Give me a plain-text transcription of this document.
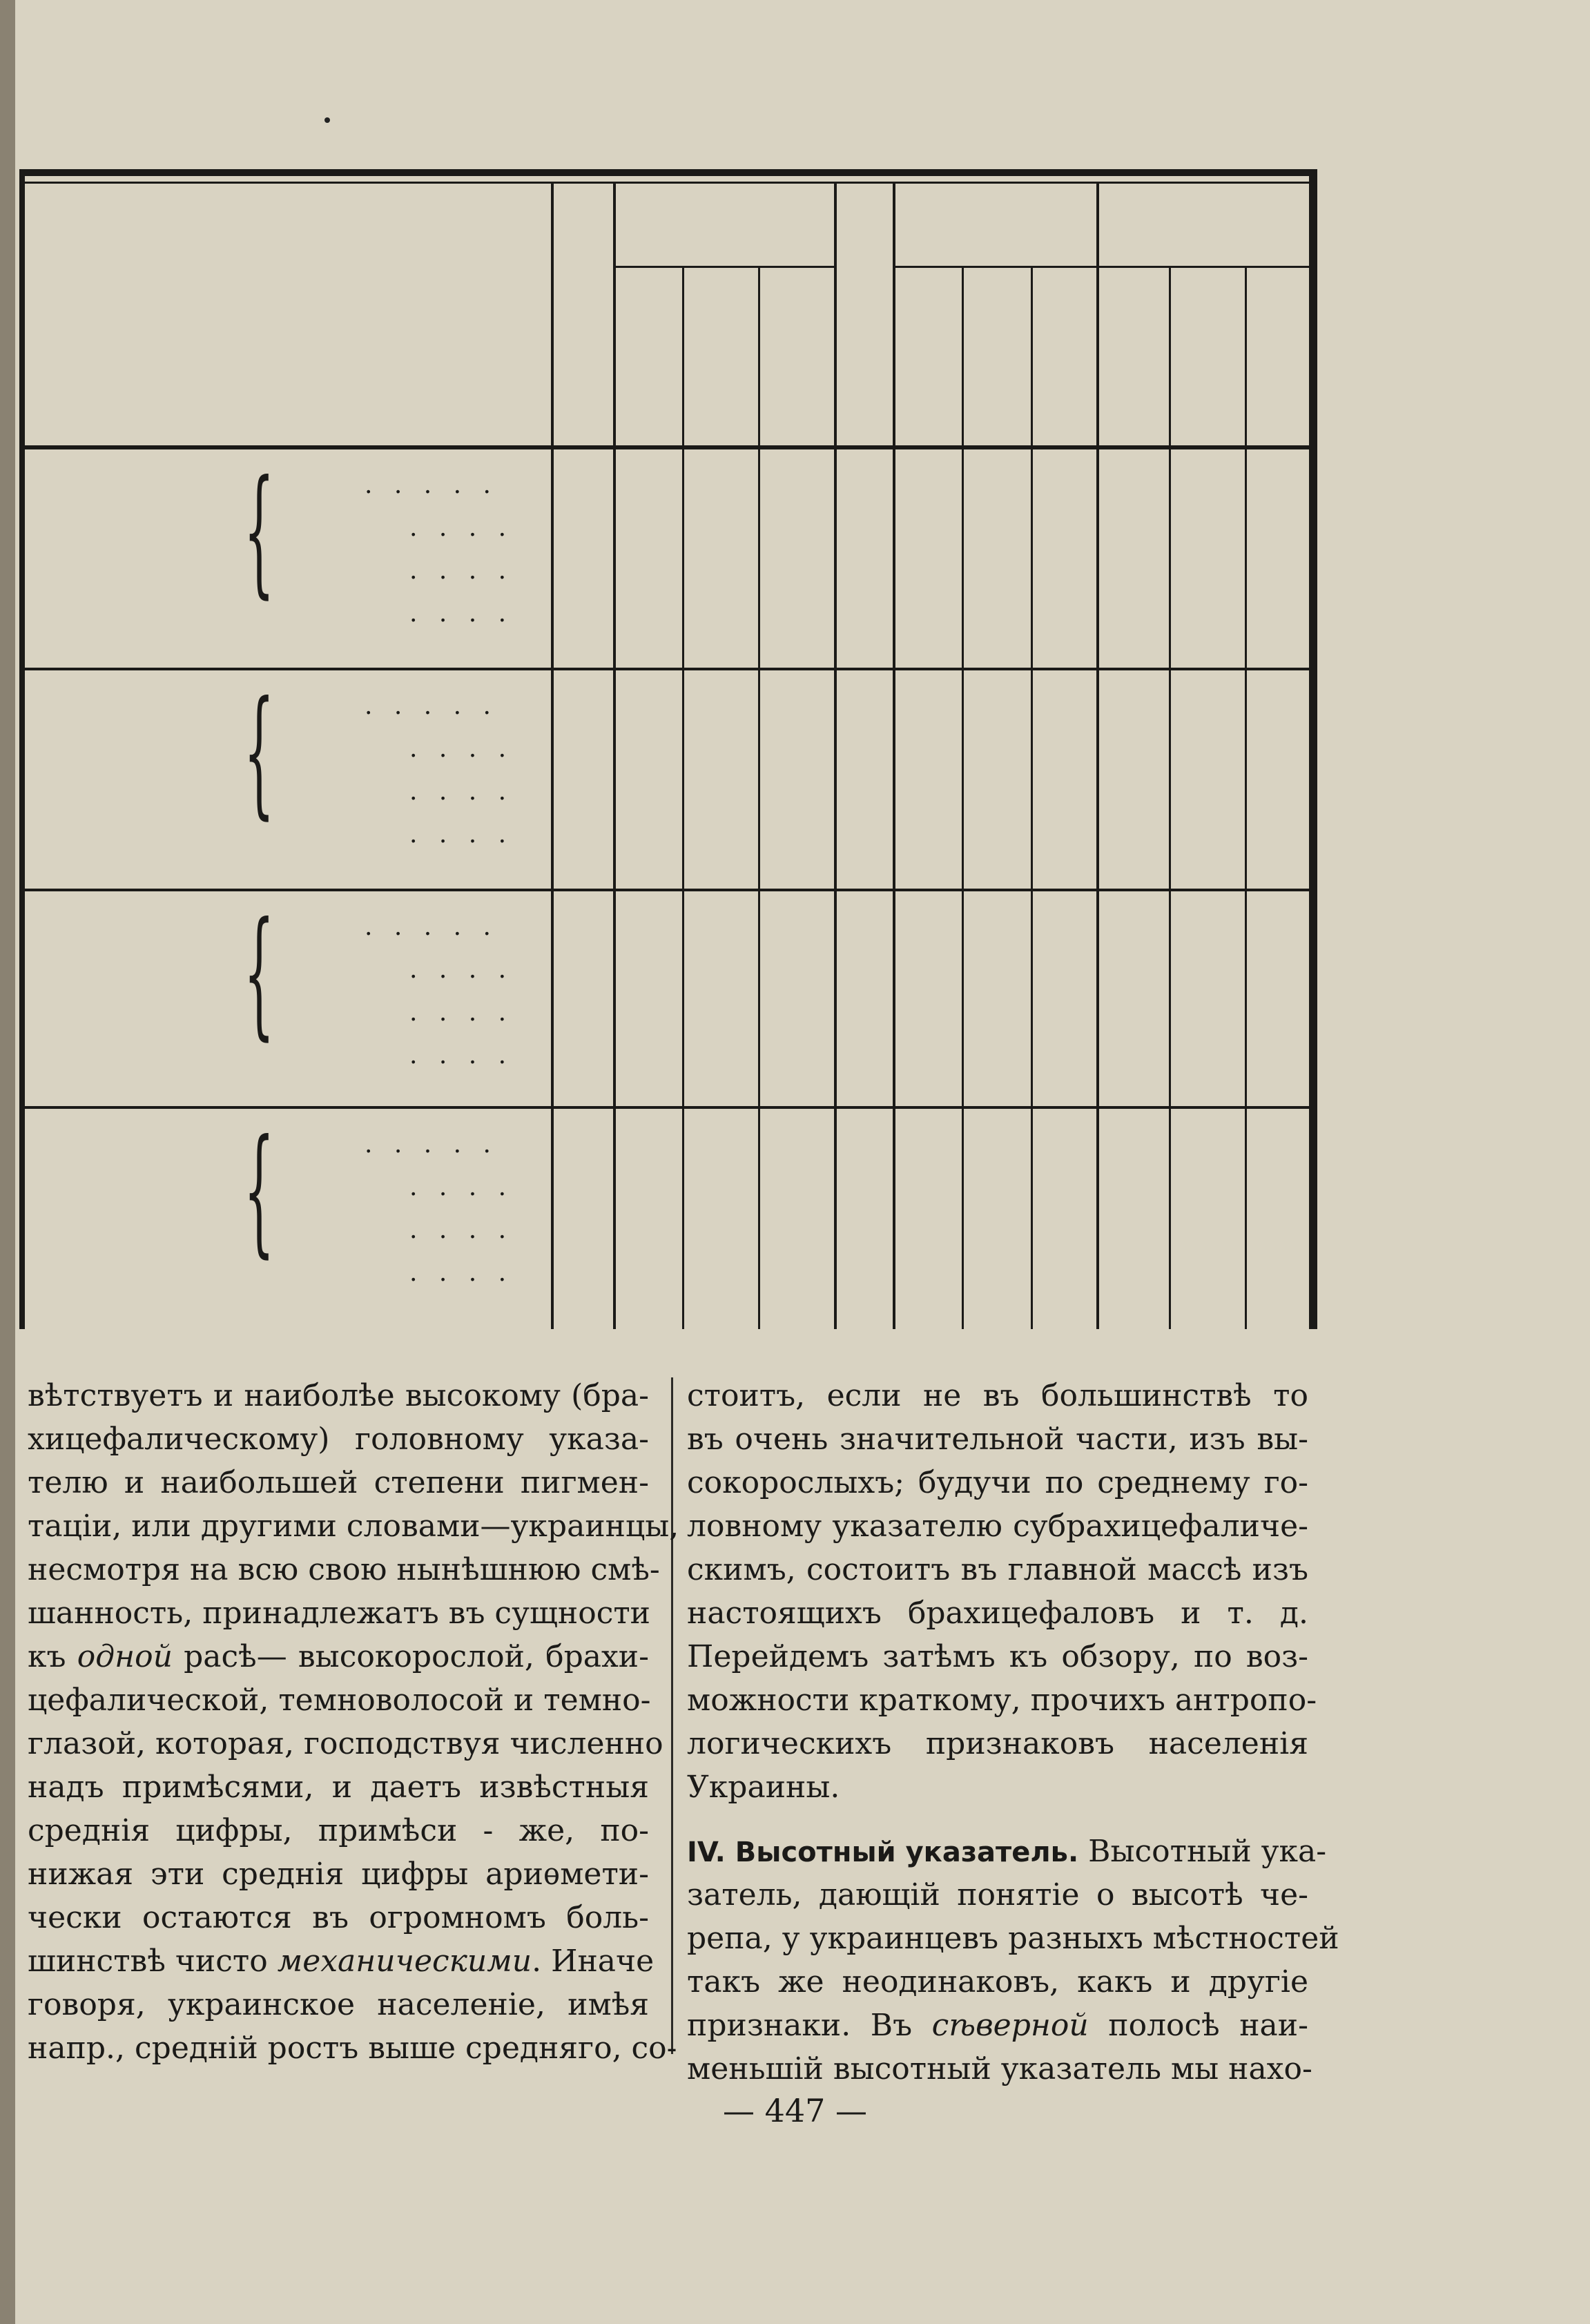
{	. . . . .
. . . .
. . . .
. . . .
{	. . . . .
. . . .
. . . .
. . . .
{	. . . . .
. . . .
. . . .
. . . .
{	. . . . .
. . . .
. . . .
. . . .
вѣтствуетъ и наиболѣе высокому (бра-
хицефалическому) головному указа-
телю и наибольшей степени пигмен-
таціи, или другими словами—украинцы,
несмотря на всю свою нынѣшнюю смѣ-
шанность, принадлежатъ въ сущности
къ одной расѣ— высокорослой, брахи-
цефалической, темноволосой и темно-
глазой, которая, господствуя численно
надъ примѣсями, и даетъ извѣстныя
среднія цифры, примѣси - же, по-
нижая эти среднія цифры ариѳмети-
чески остаются въ огромномъ боль-
шинствѣ чисто механическими. Иначе
говоря, украинское населеніе, имѣя
напр., средній ростъ выше средняго, со-
стоитъ, если не въ большинствѣ то
въ очень значительной части, изъ вы-
сокорослыхъ; будучи по среднему го-
ловному указателю субрахицефаличе-
скимъ, состоитъ въ главной массѣ изъ
настоящихъ брахицефаловъ и т. д.
Перейдемъ затѣмъ къ обзору, по воз-
можности краткому, прочихъ антропо-
логическихъ признаковъ населенія
Украины.
IV. Высотный указатель. Высотный ука-
затель, дающій понятіе о высотѣ че-
репа, у украинцевъ разныхъ мѣстностей
такъ же неодинаковъ, какъ и другіе
признаки. Въ сѣверной полосѣ наи-
меньшій высотный указатель мы нахо-
— 447 —
